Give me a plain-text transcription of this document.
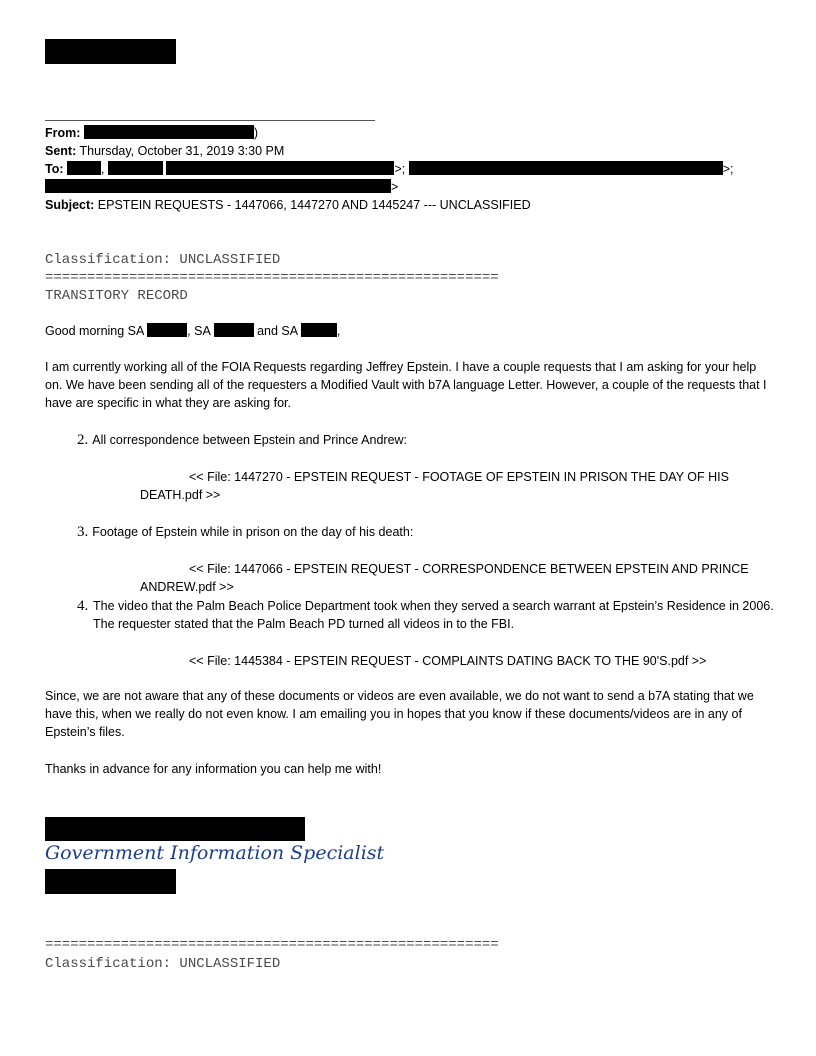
From:	)
Sent: Thursday, October 31, 2019 3:30 PM
To:	,	>;	>;
>
Subject: EPSTEIN REQUESTS - 1447066, 1447270 AND 1445247 --- UNCLASSIFIED
Classification: UNCLASSIFIED
======================================================
TRANSITORY RECORD
Good morning SA	, SA	and SA	,
I am currently working all of the FOIA Requests regarding Jeffrey Epstein. I have a couple requests that I am asking for your help on. We have been sending all of the requesters a Modified Vault with b7A language Letter. However, a couple of the requests that I have are specific in what they are asking for.
2. All correspondence between Epstein and Prince Andrew:
<< File: 1447270 - EPSTEIN REQUEST - FOOTAGE OF EPSTEIN IN PRISON THE DAY OF HIS
DEATH.pdf >>
3. Footage of Epstein while in prison on the day of his death:
<< File: 1447066 - EPSTEIN REQUEST - CORRESPONDENCE BETWEEN EPSTEIN AND PRINCE
ANDREW.pdf >>
4. The video that the Palm Beach Police Department took when they served a search warrant at Epstein’s Residence in 2006. The requester stated that the Palm Beach PD turned all videos in to the FBI.
<< File: 1445384 - EPSTEIN REQUEST - COMPLAINTS DATING BACK TO THE 90'S.pdf >>
Since, we are not aware that any of these documents or videos are even available, we do not want to send a b7A stating that we have this, when we really do not even know. I am emailing you in hopes that you know if these documents/videos are in any of Epstein’s files.
Thanks in advance for any information you can help me with!
Government Information Specialist
======================================================
Classification: UNCLASSIFIED
